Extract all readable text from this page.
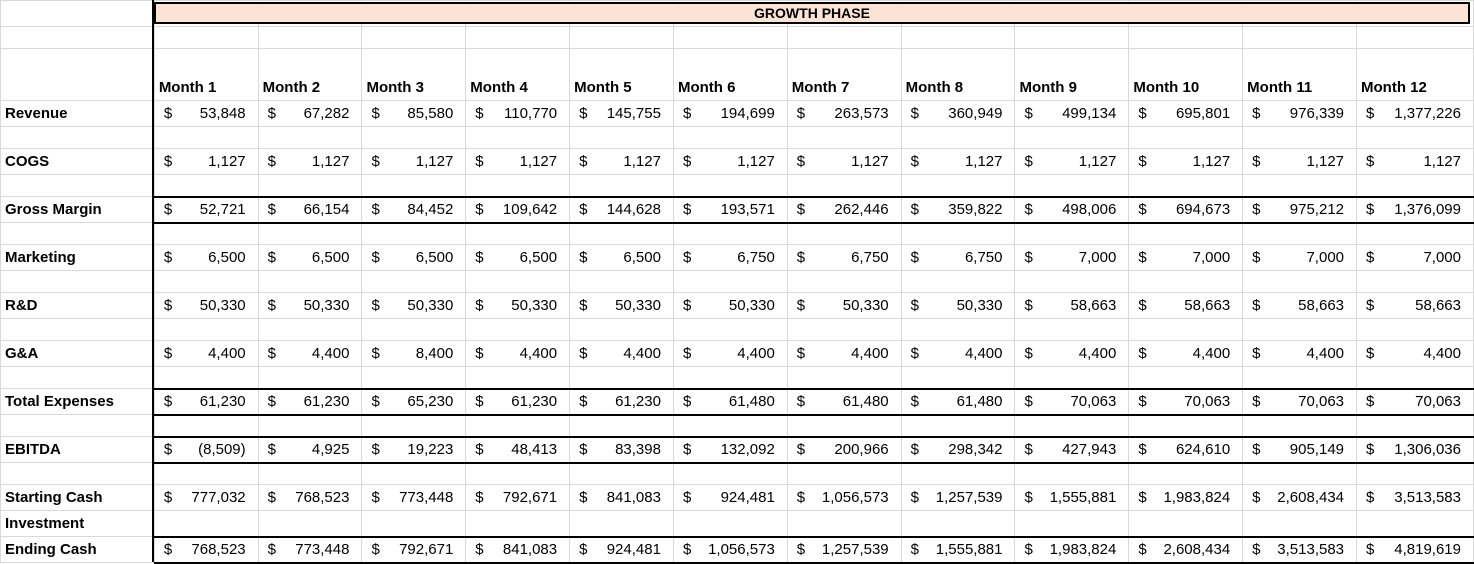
	Month 1	Month 2	Month 3	Month 4	Month 5	Month 6	Month 7	Month 8	Month 9	Month 10	Month 11	Month 12
Revenue	$ 53,848	$ 67,282	$ 85,580	$ 110,770	$ 145,755	$ 194,699	$ 263,573	$ 360,949	$ 499,134	$ 695,801	$ 976,339	$ 1,377,226

COGS	$ 1,127	$ 1,127	$ 1,127	$ 1,127	$ 1,127	$ 1,127	$ 1,127	$ 1,127	$ 1,127	$ 1,127	$ 1,127	$ 1,127

Gross Margin	$ 52,721	$ 66,154	$ 84,452	$ 109,642	$ 144,628	$ 193,571	$ 262,446	$ 359,822	$ 498,006	$ 694,673	$ 975,212	$ 1,376,099

Marketing	$ 6,500	$ 6,500	$ 6,500	$ 6,500	$ 6,500	$ 6,750	$ 6,750	$ 6,750	$ 7,000	$ 7,000	$ 7,000	$ 7,000

R&D	$ 50,330	$ 50,330	$ 50,330	$ 50,330	$ 50,330	$ 50,330	$ 50,330	$ 50,330	$ 58,663	$ 58,663	$ 58,663	$ 58,663

G&A	$ 4,400	$ 4,400	$ 8,400	$ 4,400	$ 4,400	$ 4,400	$ 4,400	$ 4,400	$ 4,400	$ 4,400	$ 4,400	$ 4,400

Total Expenses	$ 61,230	$ 61,230	$ 65,230	$ 61,230	$ 61,230	$ 61,480	$ 61,480	$ 61,480	$ 70,063	$ 70,063	$ 70,063	$ 70,063

EBITDA	$ (8,509)	$ 4,925	$ 19,223	$ 48,413	$ 83,398	$ 132,092	$ 200,966	$ 298,342	$ 427,943	$ 624,610	$ 905,149	$ 1,306,036

Starting Cash	$ 777,032	$ 768,523	$ 773,448	$ 792,671	$ 841,083	$ 924,481	$ 1,056,573	$ 1,257,539	$ 1,555,881	$ 1,983,824	$ 2,608,434	$ 3,513,583
Investment												
Ending Cash	$ 768,523	$ 773,448	$ 792,671	$ 841,083	$ 924,481	$ 1,056,573	$ 1,257,539	$ 1,555,881	$ 1,983,824	$ 2,608,434	$ 3,513,583	$ 4,819,619
GROWTH PHASE
